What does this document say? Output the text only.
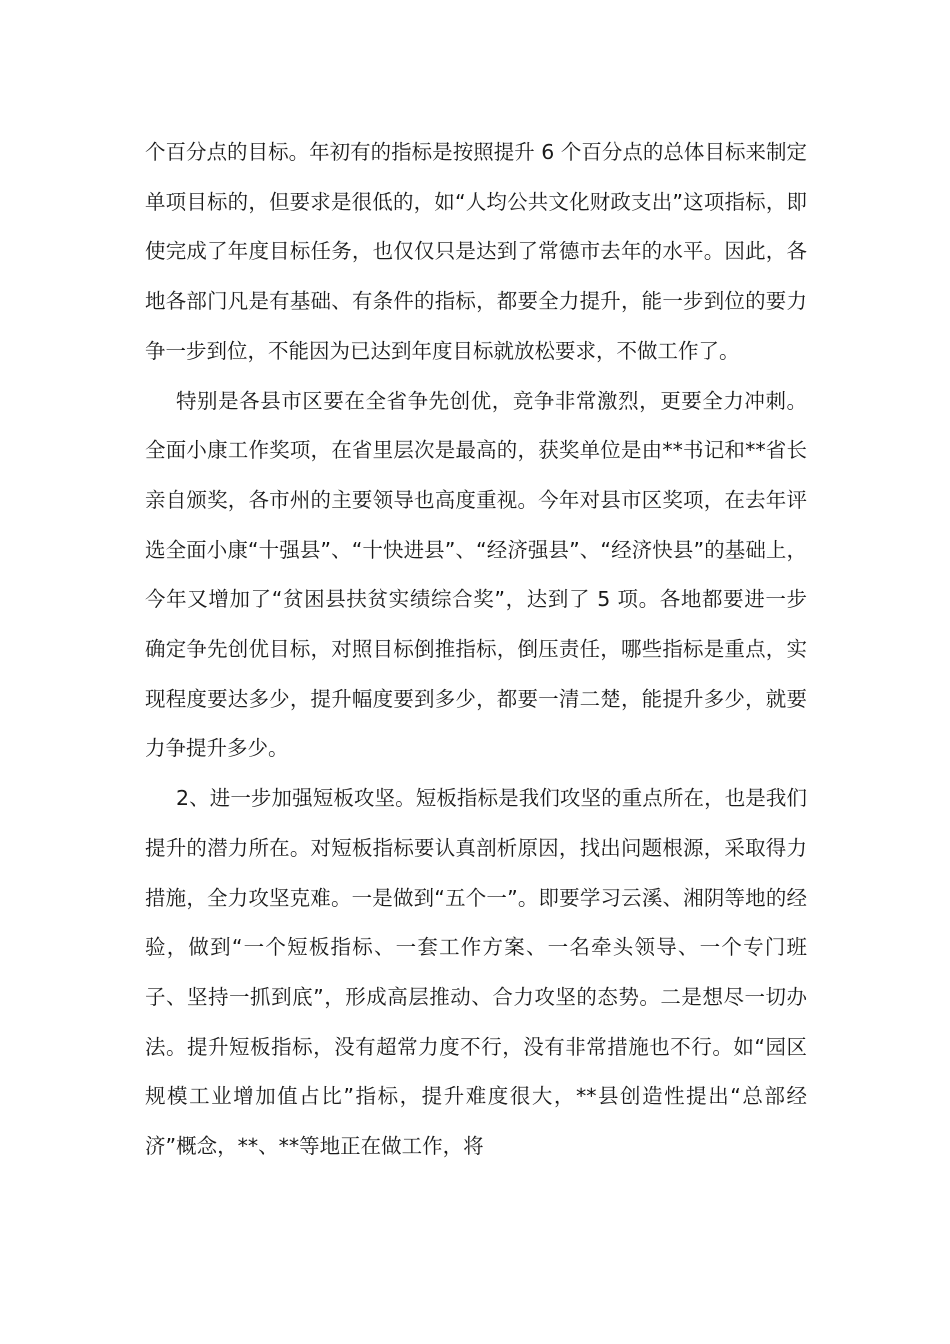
个百分点的目标。年初有的指标是按照提升 6 个百分点的总体目标来制定单项目标的，但要求是很低的，如“人均公共文化财政支出”这项指标，即使完成了年度目标任务，也仅仅只是达到了常德市去年的水平。因此，各地各部门凡是有基础、有条件的指标，都要全力提升，能一步到位的要力争一步到位，不能因为已达到年度目标就放松要求，不做工作了。

特别是各县市区要在全省争先创优，竞争非常激烈，更要全力冲刺。全面小康工作奖项，在省里层次是最高的，获奖单位是由**书记和**省长亲自颁奖，各市州的主要领导也高度重视。今年对县市区奖项，在去年评选全面小康“十强县”、“十快进县”、“经济强县”、“经济快县”的基础上，今年又增加了“贫困县扶贫实绩综合奖”，达到了 5 项。各地都要进一步确定争先创优目标，对照目标倒推指标，倒压责任，哪些指标是重点，实现程度要达多少，提升幅度要到多少，都要一清二楚，能提升多少，就要力争提升多少。

2、进一步加强短板攻坚。短板指标是我们攻坚的重点所在，也是我们提升的潜力所在。对短板指标要认真剖析原因，找出问题根源，采取得力措施，全力攻坚克难。一是做到“五个一”。即要学习云溪、湘阴等地的经验，做到“一个短板指标、一套工作方案、一名牵头领导、一个专门班子、坚持一抓到底”，形成高层推动、合力攻坚的态势。二是想尽一切办法。提升短板指标，没有超常力度不行，没有非常措施也不行。如“园区规模工业增加值占比”指标，提升难度很大，**县创造性提出“总部经济”概念，**、**等地正在做工作，将
